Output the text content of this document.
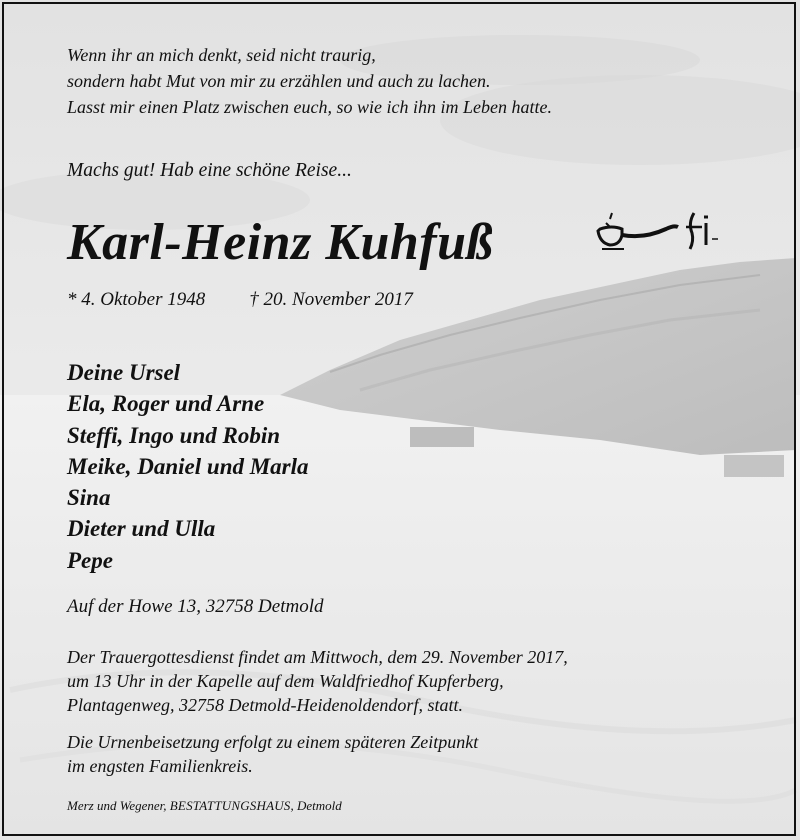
Wenn ihr an mich denkt, seid nicht traurig,
sondern habt Mut von mir zu erzählen und auch zu lachen.
Lasst mir einen Platz zwischen euch, so wie ich ihn im Leben hatte.
Machs gut! Hab eine schöne Reise...
Karl-Heinz Kuhfuß
* 4. Oktober 1948 † 20. November 2017
Deine Ursel
Ela, Roger und Arne
Steffi, Ingo und Robin
Meike, Daniel und Marla
Sina
Dieter und Ulla
Pepe
Auf der Howe 13, 32758 Detmold
Der Trauergottesdienst findet am Mittwoch, dem 29. November 2017,
um 13 Uhr in der Kapelle auf dem Waldfriedhof Kupferberg,
Plantagenweg, 32758 Detmold-Heidenoldendorf, statt.
Die Urnenbeisetzung erfolgt zu einem späteren Zeitpunkt
im engsten Familienkreis.
Merz und Wegener, BESTATTUNGSHAUS, Detmold
